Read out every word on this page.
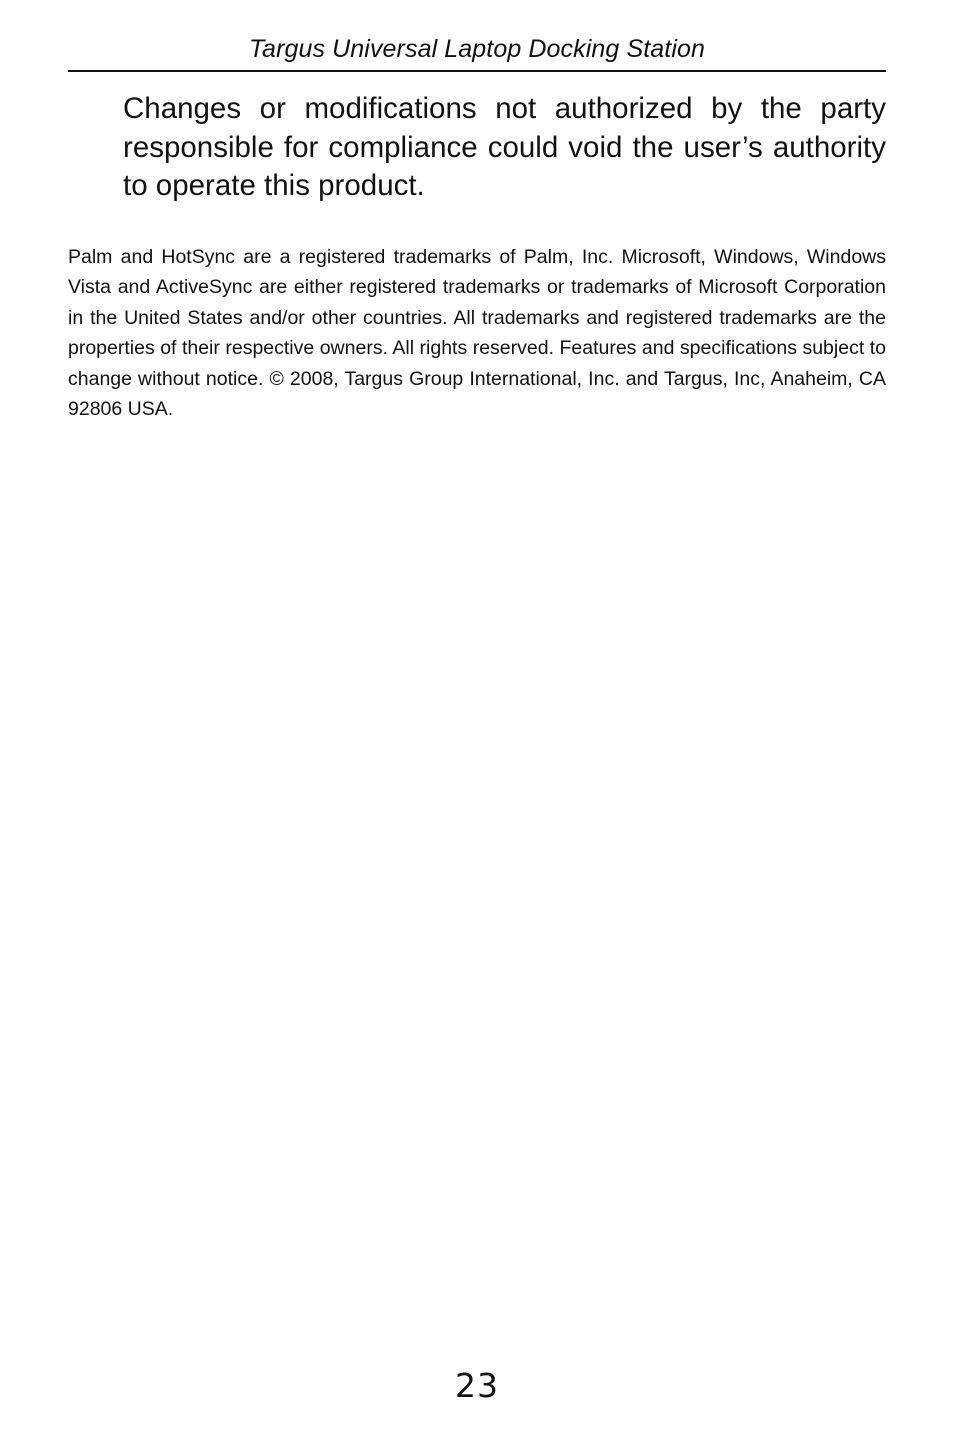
Targus Universal Laptop Docking Station

Changes or modifications not authorized by the party responsible for compliance could void the user’s authority to operate this product.

Palm and HotSync are a registered trademarks of Palm, Inc. Microsoft, Windows, Windows Vista and ActiveSync are either registered trademarks or trademarks of Microsoft Corporation in the United States and/or other countries. All trademarks and registered trademarks are the properties of their respective owners. All rights reserved. Features and specifications subject to change without notice. © 2008, Targus Group International, Inc. and Targus, Inc, Anaheim, CA 92806 USA.

23
